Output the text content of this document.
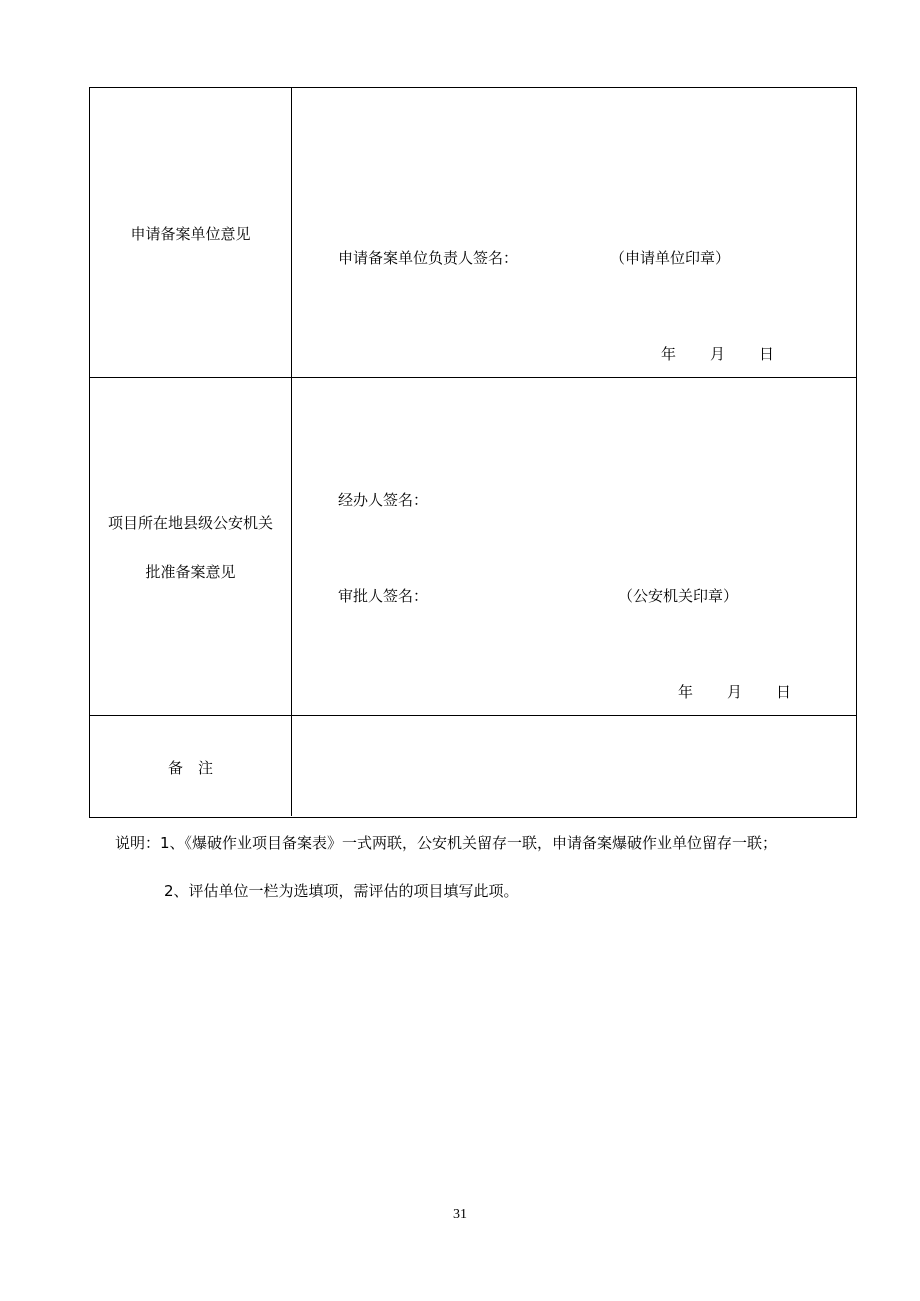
申请备案单位意见
申请备案单位负责人签名：	（申请单位印章）
年 月 日
项目所在地县级公安机关
批准备案意见
经办人签名：
审批人签名：	（公安机关印章）
年 月 日
备　注
说明：1、《爆破作业项目备案表》一式两联，公安机关留存一联，申请备案爆破作业单位留存一联；
2、评估单位一栏为选填项，需评估的项目填写此项。
31
